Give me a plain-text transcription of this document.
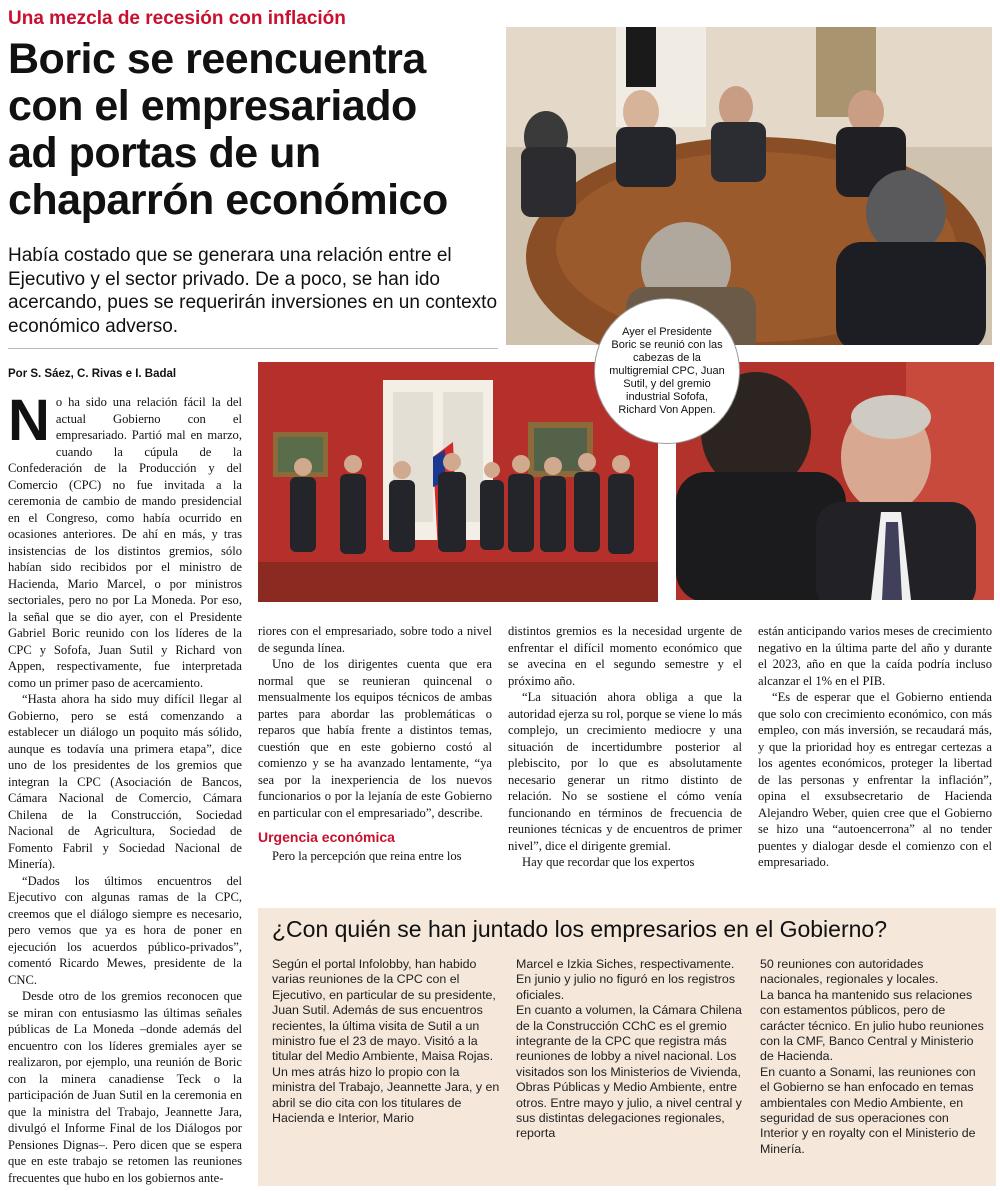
Una mezcla de recesión con inflación
Boric se reencuentra
con el empresariado
ad portas de un
chaparrón económico
Había costado que se generara una relación entre el Ejecutivo y el sector privado. De a poco, se han ido acercando, pues se requerirán inversiones en un contexto económico adverso.
Por S. Sáez, C. Rivas e I. Badal
Ayer el Presidente Boric se reunió con las cabezas de la multigremial CPC, Juan Sutil, y del gremio industrial Sofofa, Richard Von Appen.

No ha sido una relación fácil la del actual Gobierno con el empresariado. Partió mal en marzo, cuando la cúpula de la Confederación de la Producción y del Comercio (CPC) no fue invitada a la ceremonia de cambio de mando presidencial en el Congreso, como había ocurrido en ocasiones anteriores. De ahí en más, y tras insistencias de los distintos gremios, sólo habían sido recibidos por el ministro de Hacienda, Mario Marcel, o por ministros sectoriales, pero no por La Moneda. Por eso, la señal que se dio ayer, con el Presidente Gabriel Boric reunido con los líderes de la CPC y Sofofa, Juan Sutil y Richard von Appen, respectivamente, fue interpretada como un primer paso de acercamiento.

“Hasta ahora ha sido muy difícil llegar al Gobierno, pero se está comenzando a establecer un diálogo un poquito más sólido, aunque es todavía una primera etapa”, dice uno de los presidentes de los gremios que integran la CPC (Asociación de Bancos, Cámara Nacional de Comercio, Cámara Chilena de la Construcción, Sociedad Nacional de Agricultura, Sociedad de Fomento Fabril y Sociedad Nacional de Minería).

“Dados los últimos encuentros del Ejecutivo con algunas ramas de la CPC, creemos que el diálogo siempre es necesario, pero vemos que ya es hora de poner en ejecución los acuerdos público-privados”, comentó Ricardo Mewes, presidente de la CNC.

Desde otro de los gremios reconocen que se miran con entusiasmo las últimas señales públicas de La Moneda –donde además del encuentro con los líderes gremiales ayer se realizaron, por ejemplo, una reunión de Boric con la minera canadiense Teck o la participación de Juan Sutil en la ceremonia en que la ministra del Trabajo, Jeannette Jara, divulgó el Informe Final de los Diálogos por Pensiones Dignas–. Pero dicen que se espera que en este trabajo se retomen las reuniones frecuentes que hubo en los gobiernos ante-

riores con el empresariado, sobre todo a nivel de segunda línea.

Uno de los dirigentes cuenta que era normal que se reunieran quincenal o mensualmente los equipos técnicos de ambas partes para abordar las problemáticas o reparos que había frente a distintos temas, cuestión que en este gobierno costó al comienzo y se ha avanzado lentamente, “ya sea por la inexperiencia de los nuevos funcionarios o por la lejanía de este Gobierno en particular con el empresariado”, describe.

Urgencia económica

Pero la percepción que reina entre los

distintos gremios es la necesidad urgente de enfrentar el difícil momento económico que se avecina en el segundo semestre y el próximo año.

“La situación ahora obliga a que la autoridad ejerza su rol, porque se viene lo más complejo, un crecimiento mediocre y una situación de incertidumbre posterior al plebiscito, por lo que es absolutamente necesario generar un ritmo distinto de relación. No se sostiene el cómo venía funcionando en términos de frecuencia de reuniones técnicas y de encuentros de primer nivel”, dice el dirigente gremial.

Hay que recordar que los expertos

están anticipando varios meses de crecimiento negativo en la última parte del año y durante el 2023, año en que la caída podría incluso alcanzar el 1% en el PIB.

“Es de esperar que el Gobierno entienda que solo con crecimiento económico, con más empleo, con más inversión, se recaudará más, y que la prioridad hoy es entregar certezas a los agentes económicos, proteger la libertad de las personas y enfrentar la inflación”, opina el exsubsecretario de Hacienda Alejandro Weber, quien cree que el Gobierno se hizo una “autoencerrona” al no tender puentes y dialogar desde el comienzo con el empresariado.

¿Con quién se han juntado los empresarios en el Gobierno?

Según el portal Infolobby, han habido varias reuniones de la CPC con el Ejecutivo, en particular de su presidente, Juan Sutil. Además de sus encuentros recientes, la última visita de Sutil a un ministro fue el 23 de mayo. Visitó a la titular del Medio Ambiente, Maisa Rojas. Un mes atrás hizo lo propio con la ministra del Trabajo, Jeannette Jara, y en abril se dio cita con los titulares de Hacienda e Interior, Mario

Marcel e Izkia Siches, respectivamente. En junio y julio no figuró en los registros oficiales.

En cuanto a volumen, la Cámara Chilena de la Construcción CChC es el gremio integrante de la CPC que registra más reuniones de lobby a nivel nacional. Los visitados son los Ministerios de Vivienda, Obras Públicas y Medio Ambiente, entre otros. Entre mayo y julio, a nivel central y sus distintas delegaciones regionales, reporta

50 reuniones con autoridades nacionales, regionales y locales.

La banca ha mantenido sus relaciones con estamentos públicos, pero de carácter técnico. En julio hubo reuniones con la CMF, Banco Central y Ministerio de Hacienda.

En cuanto a Sonami, las reuniones con el Gobierno se han enfocado en temas ambientales con Medio Ambiente, en seguridad de sus operaciones con Interior y en royalty con el Ministerio de Minería.
